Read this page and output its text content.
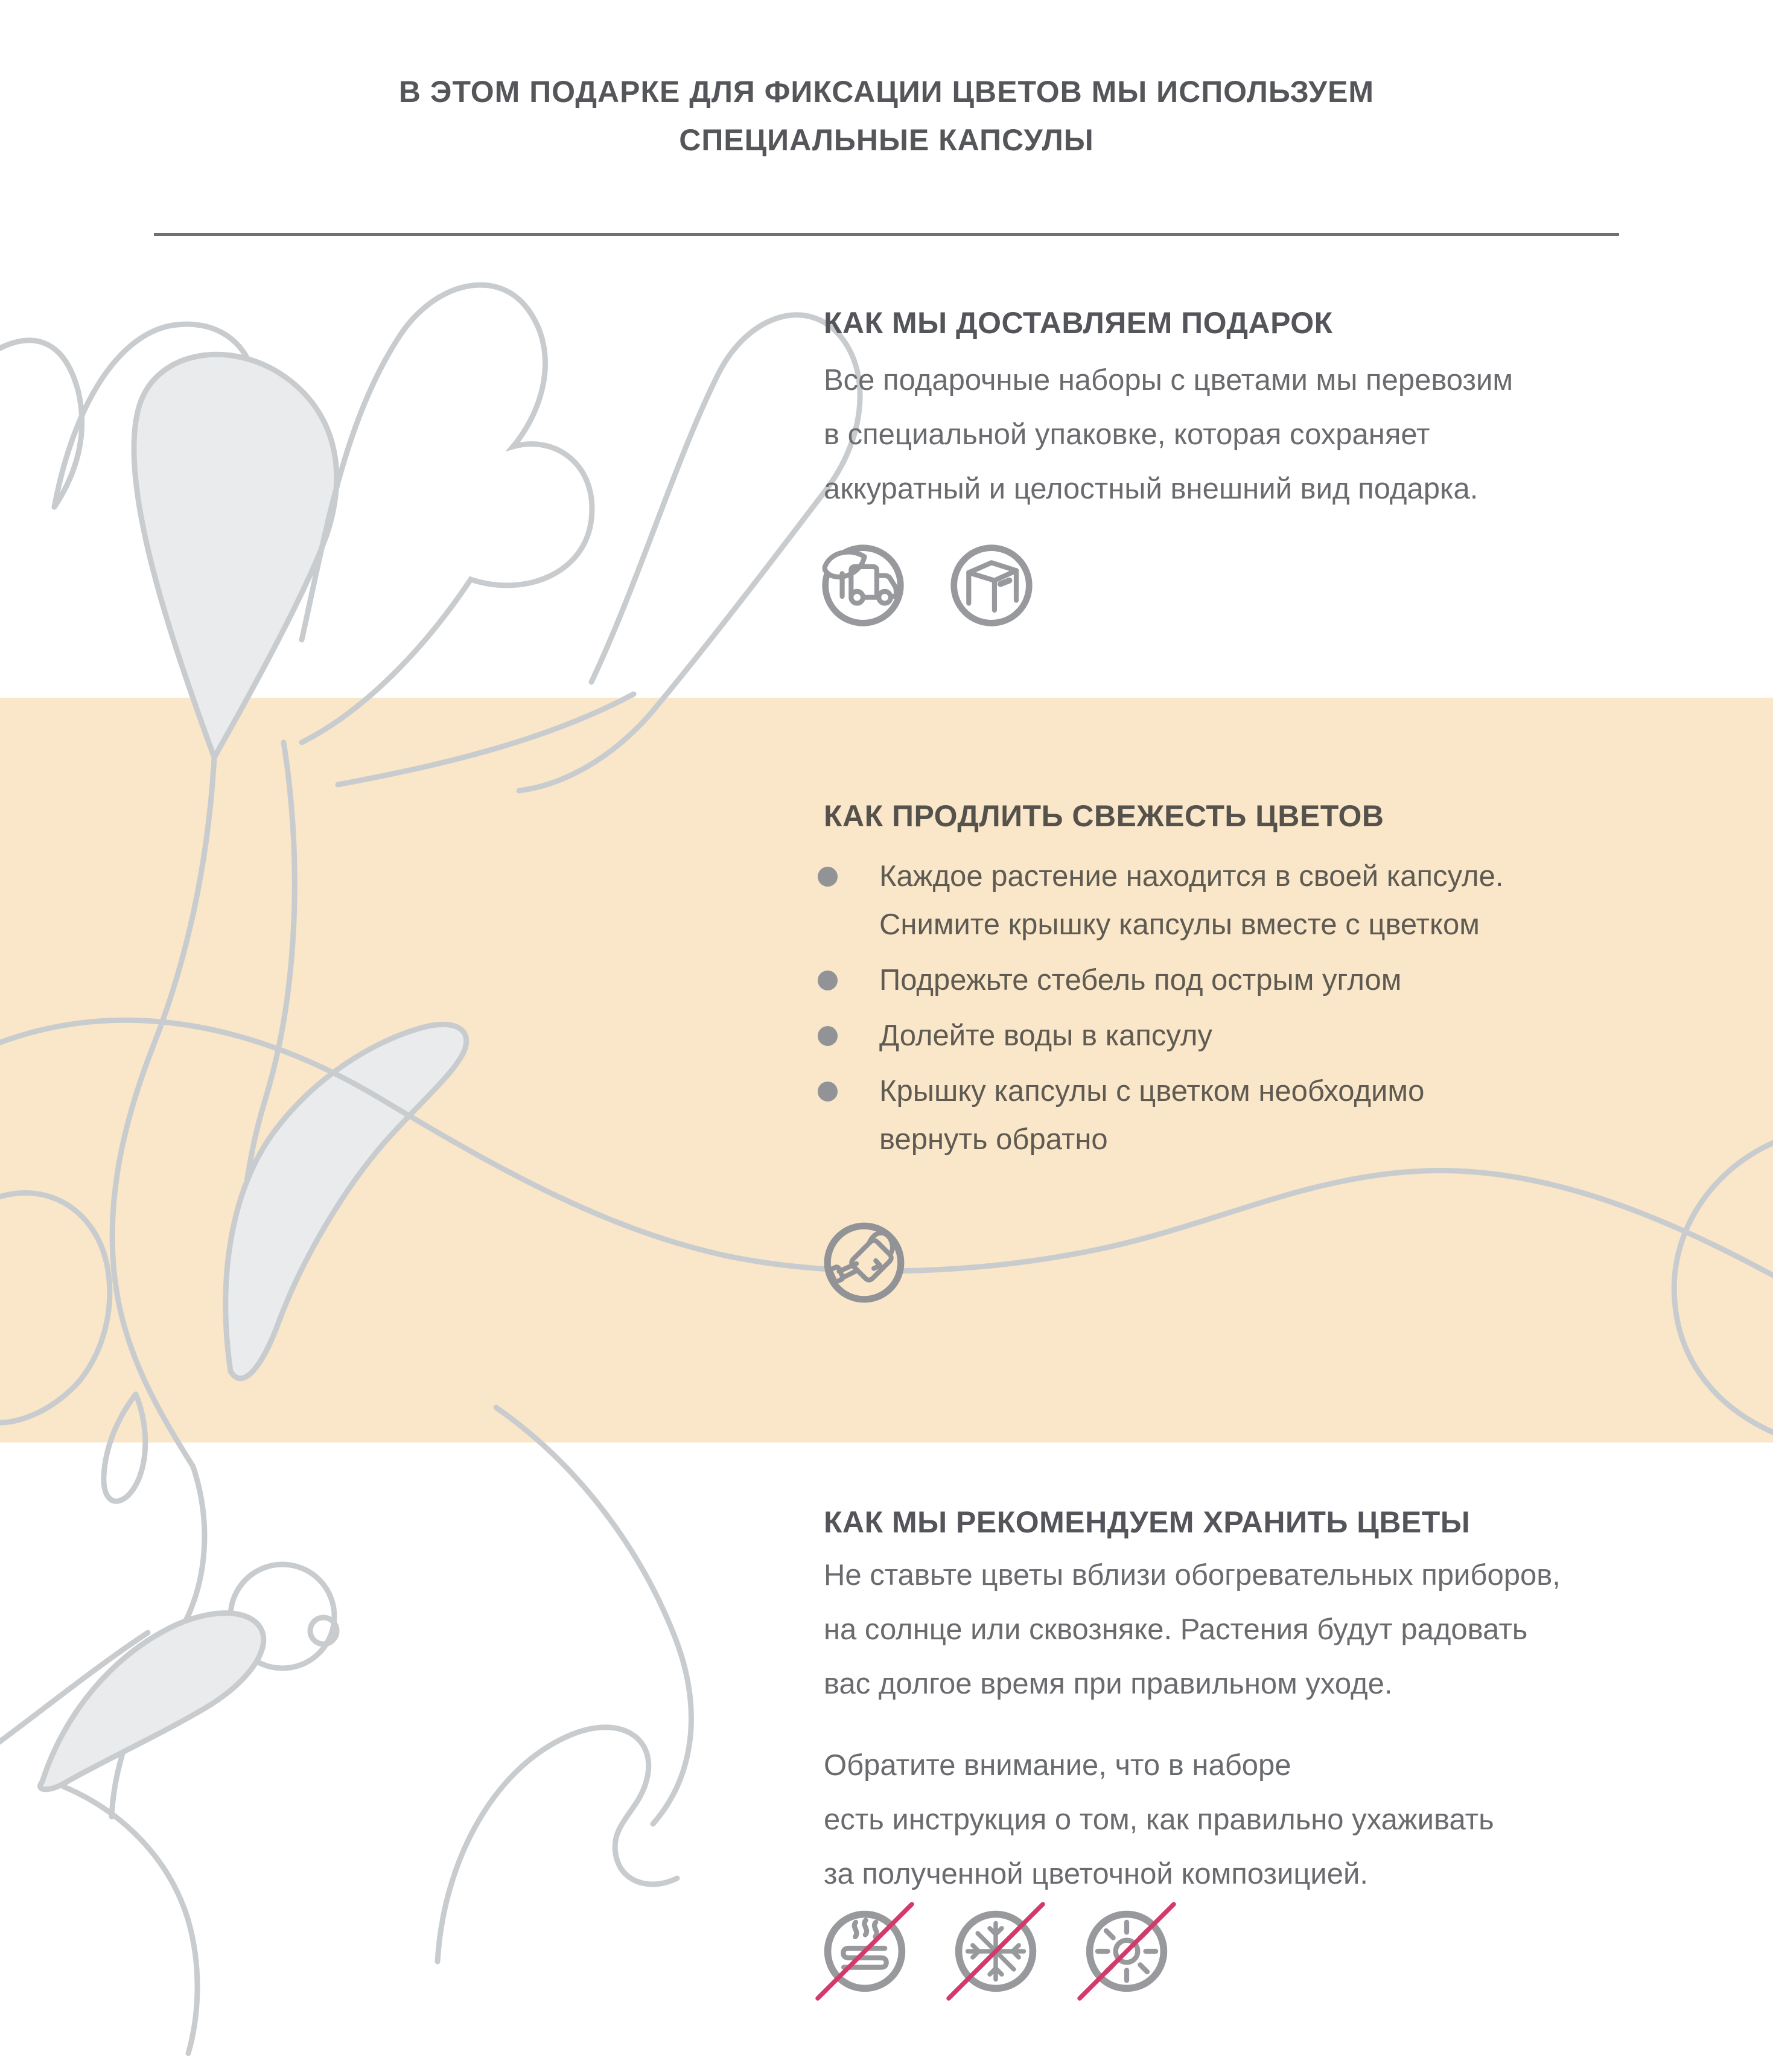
В ЭТОМ ПОДАРКЕ ДЛЯ ФИКСАЦИИ ЦВЕТОВ МЫ ИСПОЛЬЗУЕМ
СПЕЦИАЛЬНЫЕ КАПСУЛЫ
КАК МЫ ДОСТАВЛЯЕМ ПОДАРОК
Все подарочные наборы с цветами мы перевозим
в специальной упаковке, которая сохраняет
аккуратный и целостный внешний вид подарка.
КАК ПРОДЛИТЬ СВЕЖЕСТЬ ЦВЕТОВ
Каждое растение находится в своей капсуле.
Снимите крышку капсулы вместе с цветком
Подрежьте стебель под острым углом
Долейте воды в капсулу
Крышку капсулы с цветком необходимо
вернуть обратно
КАК МЫ РЕКОМЕНДУЕМ ХРАНИТЬ ЦВЕТЫ
Не ставьте цветы вблизи обогревательных приборов,
на солнце или сквозняке. Растения будут радовать
вас долгое время при правильном уходе.
Обратите внимание, что в наборе
есть инструкция о том, как правильно ухаживать
за полученной цветочной композицией.
